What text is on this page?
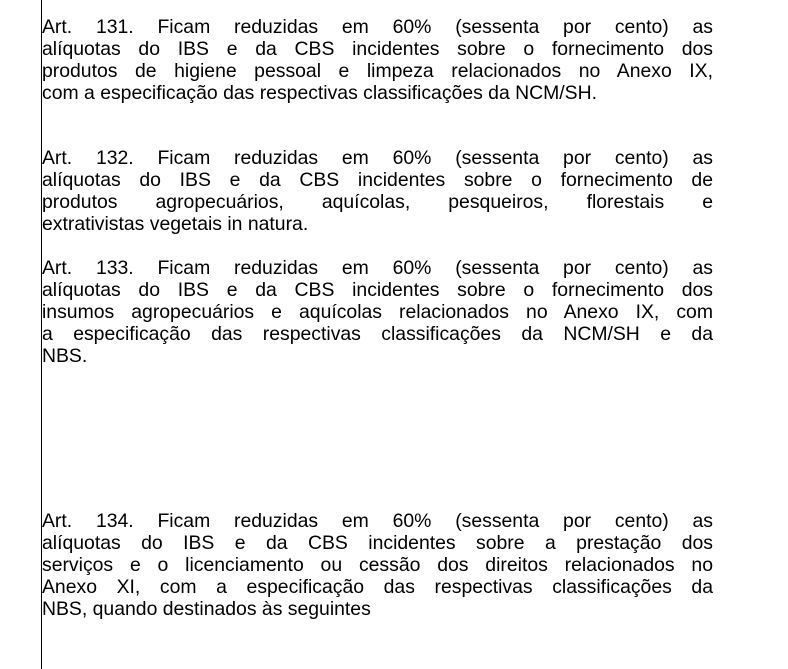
Art. 131. Ficam reduzidas em 60% (sessenta por cento) as
alíquotas do IBS e da CBS incidentes sobre o fornecimento dos
produtos de higiene pessoal e limpeza relacionados no Anexo IX,
com a especificação das respectivas classificações da NCM/SH.
Art. 132. Ficam reduzidas em 60% (sessenta por cento) as
alíquotas do IBS e da CBS incidentes sobre o fornecimento de
produtos agropecuários, aquícolas, pesqueiros, florestais e
extrativistas vegetais in natura.
Art. 133. Ficam reduzidas em 60% (sessenta por cento) as
alíquotas do IBS e da CBS incidentes sobre o fornecimento dos
insumos agropecuários e aquícolas relacionados no Anexo IX, com
a especificação das respectivas classificações da NCM/SH e da
NBS.
Art. 134. Ficam reduzidas em 60% (sessenta por cento) as
alíquotas do IBS e da CBS incidentes sobre a prestação dos
serviços e o licenciamento ou cessão dos direitos relacionados no
Anexo XI, com a especificação das respectivas classificações da
NBS, quando destinados às seguintes
